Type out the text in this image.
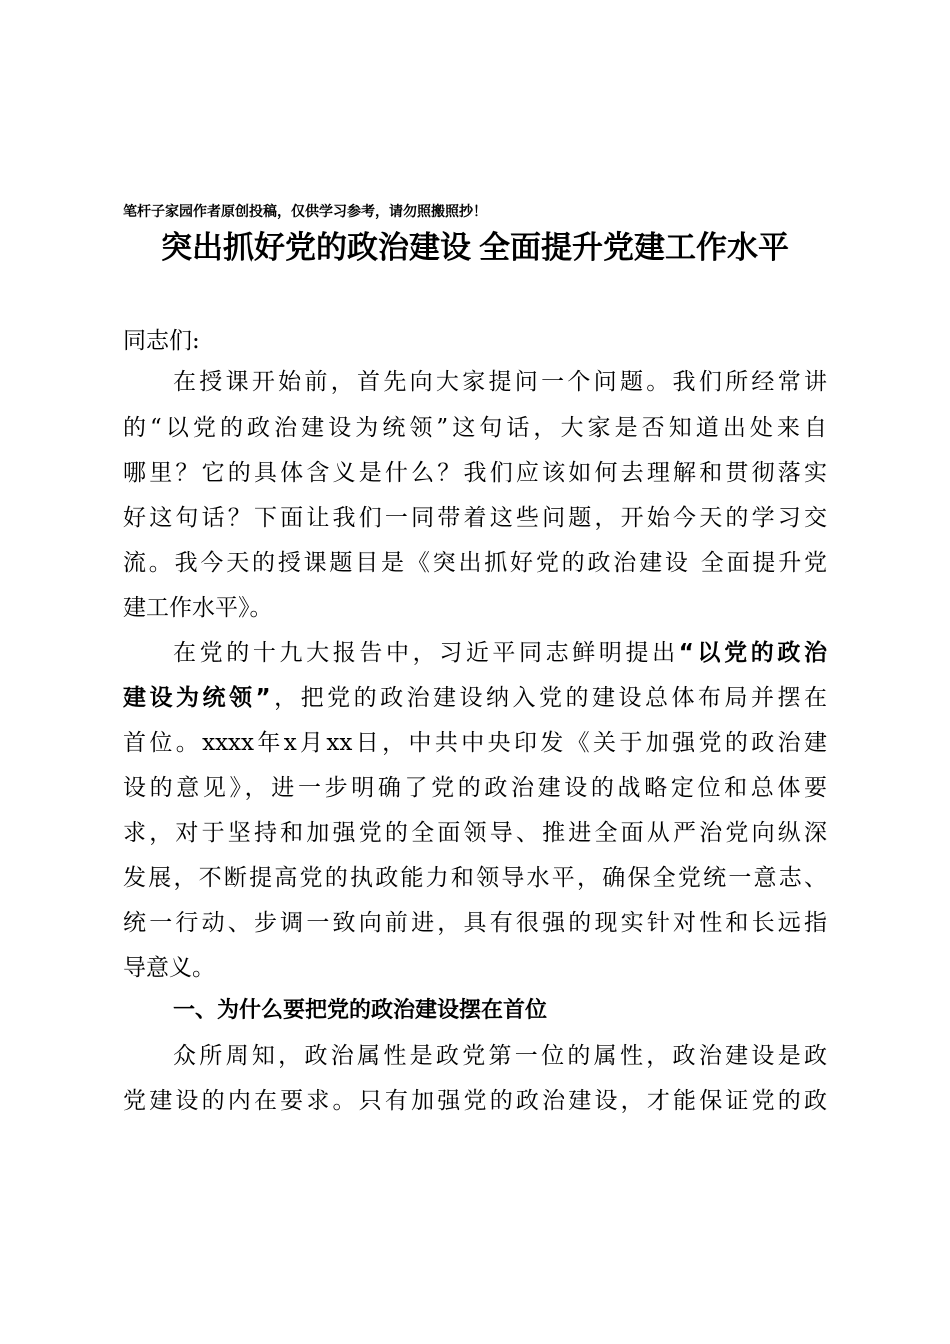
笔杆子家园作者原创投稿，仅供学习参考，请勿照搬照抄！
突出抓好党的政治建设 全面提升党建工作水平
同志们:
在授课开始前，首先向大家提问一个问题。我们所经常讲
的“以党的政治建设为统领”这句话，大家是否知道出处来自
哪里？它的具体含义是什么？我们应该如何去理解和贯彻落实
好这句话？下面让我们一同带着这些问题，开始今天的学习交
流。我今天的授课题目是《突出抓好党的政治建设 全面提升党
建工作水平》。
在党的十九大报告中，习近平同志鲜明提出“以党的政治
建设为统领”，把党的政治建设纳入党的建设总体布局并摆在
首位。xxxx年x月xx日，中共中央印发《关于加强党的政治建
设的意见》，进一步明确了党的政治建设的战略定位和总体要
求，对于坚持和加强党的全面领导、推进全面从严治党向纵深
发展，不断提高党的执政能力和领导水平，确保全党统一意志、
统一行动、步调一致向前进，具有很强的现实针对性和长远指
导意义。
一、为什么要把党的政治建设摆在首位
众所周知，政治属性是政党第一位的属性，政治建设是政
党建设的内在要求。只有加强党的政治建设，才能保证党的政
